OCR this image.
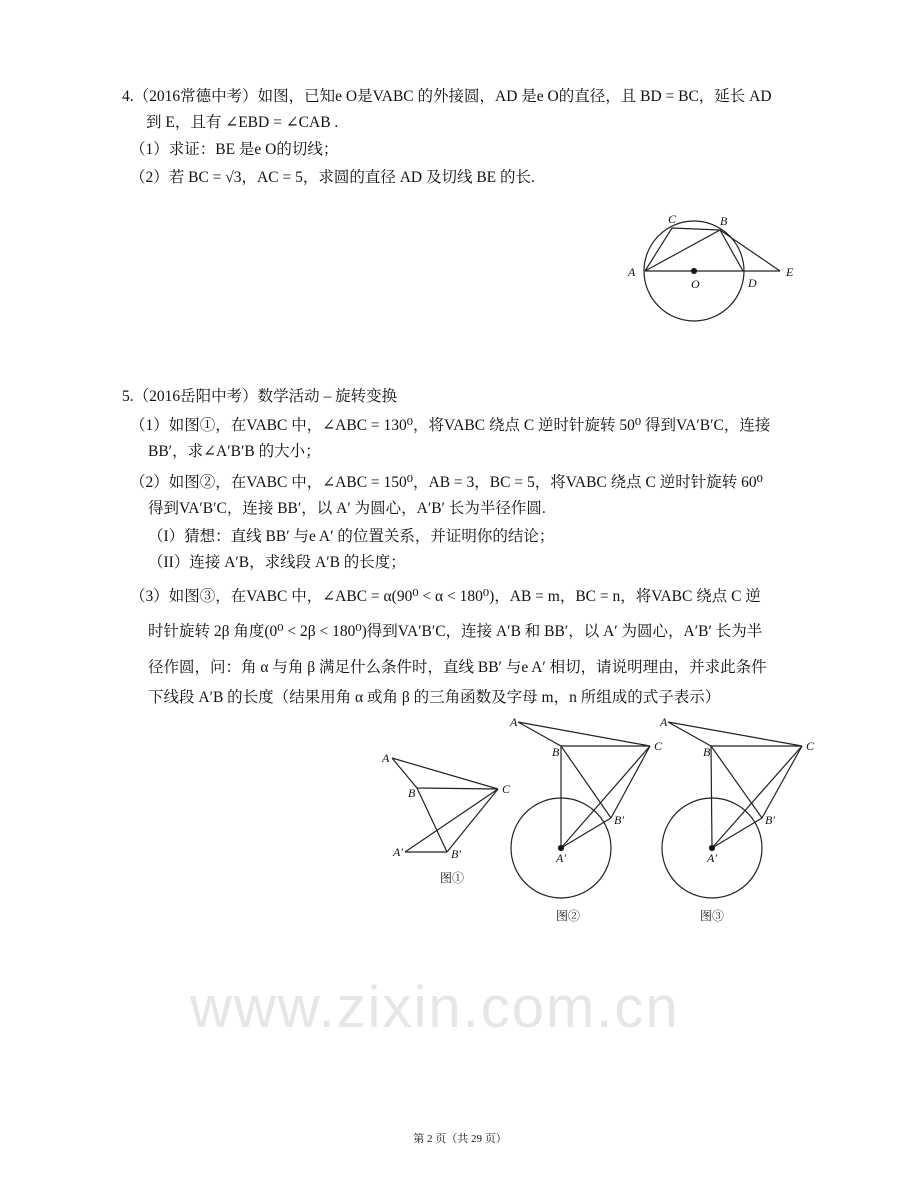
www.zixin.com.cn
4.（2016常德中考）如图，已知e O是VABC 的外接圆，AD 是e O的直径，且 BD = BC，延长 AD
到 E，且有 ∠EBD = ∠CAB .
（1）求证：BE 是e O的切线；
（2）若 BC = √3，AC = 5，求圆的直径 AD 及切线 BE 的长.
5.（2016岳阳中考）数学活动 – 旋转变换
（1）如图①，在VABC 中，∠ABC = 130⁰，将VABC 绕点 C 逆时针旋转 50⁰ 得到VA′B′C，连接
BB′，求∠A′B′B 的大小；
（2）如图②，在VABC 中，∠ABC = 150⁰，AB = 3，BC = 5，将VABC 绕点 C 逆时针旋转 60⁰
得到VA′B′C，连接 BB′，以 A′ 为圆心，A′B′ 长为半径作圆.
（I）猜想：直线 BB′ 与e A′ 的位置关系，并证明你的结论；
（II）连接 A′B，求线段 A′B 的长度；
（3）如图③，在VABC 中，∠ABC = α(90⁰ < α < 180⁰)，AB = m，BC = n，将VABC 绕点 C 逆
时针旋转 2β 角度(0⁰ < 2β < 180⁰)得到VA′B′C，连接 A′B 和 BB′，以 A′ 为圆心，A′B′ 长为半
径作圆，问：角 α 与角 β 满足什么条件时，直线 BB′ 与e A′ 相切，请说明理由，并求此条件
下线段 A′B 的长度（结果用角 α 或角 β 的三角函数及字母 m，n 所组成的式子表示）
C	B
A
O	D
E
A
B	C
A′	B′
图①
A
B	C
B′
A′
图②
A
B	C
B′
A′
图③
第 2 页（共 29 页）
